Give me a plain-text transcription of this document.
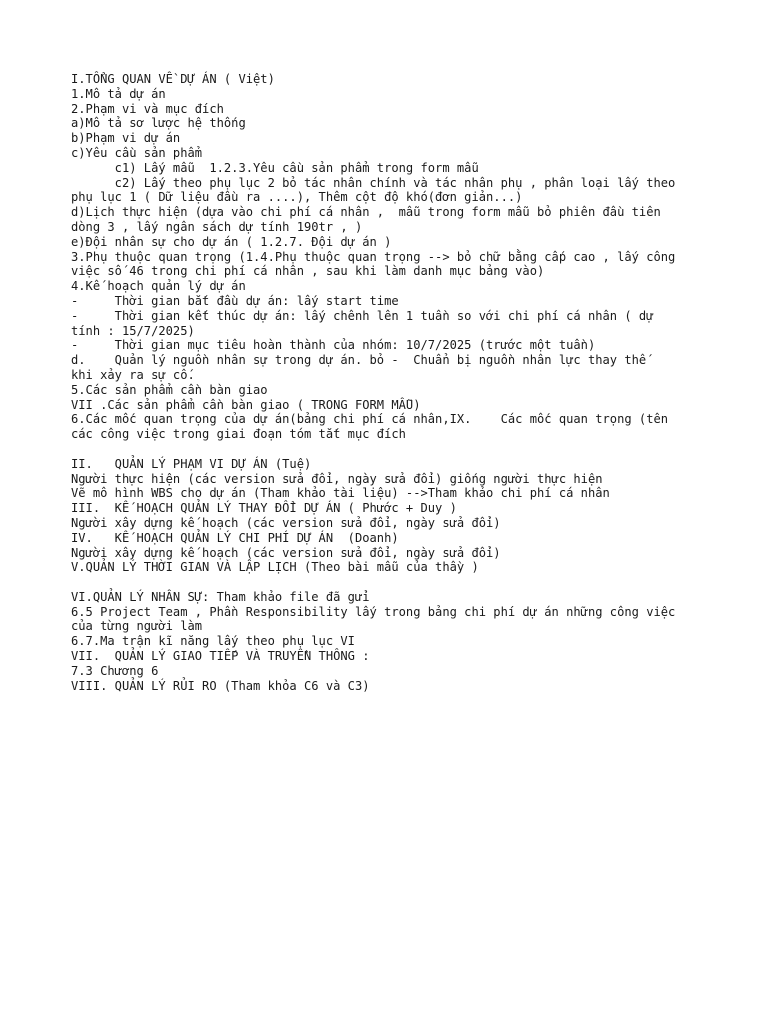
I.TỔNG QUAN VỀ DỰ ÁN ( Việt)
1.Mô tả dự án
2.Phạm vi và mục đích
a)Mô tả sơ lược hệ thống
b)Phạm vi dự án
c)Yêu cầu sản phẩm
c1) Lấy mẫu  1.2.3.Yêu cầu sản phẩm trong form mẫu
c2) Lấy theo phụ lục 2 bỏ tác nhân chính và tác nhân phụ , phân loại lấy theo
phụ lục 1 ( Dữ liệu đầu ra ....), Thêm cột độ khó(đơn giản...)
d)Lịch thực hiện (dựa vào chi phí cá nhân ,  mẫu trong form mẫu bỏ phiên đầu tiên
dòng 3 , lấy ngân sách dự tính 190tr , )
e)Đội nhân sự cho dự án ( 1.2.7. Đội dự án )
3.Phụ thuộc quan trọng (1.4.Phụ thuộc quan trọng --> bỏ chữ bằng cấp cao , lấy công
việc số 46 trong chi phí cá nhân , sau khi làm danh mục bảng vào)
4.Kế hoạch quản lý dự án
-     Thời gian bắt đầu dự án: lấy start time
-     Thời gian kết thúc dự án: lấy chênh lên 1 tuần so với chi phí cá nhân ( dự
tính : 15/7/2025)
-     Thời gian mục tiêu hoàn thành của nhóm: 10/7/2025 (trước một tuần)
d.    Quản lý nguồn nhân sự trong dự án. bỏ -  Chuẩn bị nguồn nhân lực thay thế
khi xảy ra sự cố.
5.Các sản phẩm cần bàn giao
VII .Các sản phẩm cần bàn giao ( TRONG FORM MẪU)
6.Các mốc quan trọng của dự án(bảng chi phí cá nhân,IX.    Các mốc quan trọng (tên
các công việc trong giai đoạn tóm tắt mục đích
II.   QUẢN LÝ PHẠM VI DỰ ÁN (Tuệ)
Người thực hiện (các version sửa đổi, ngày sửa đổi) giống người thực hiện
Vẽ mô hình WBS cho dự án (Tham khảo tài liệu) -->Tham khảo chi phí cá nhân
III.  KẾ HOẠCH QUẢN LÝ THAY ĐỔI DỰ ÁN ( Phước + Duy )
Người xây dựng kế hoạch (các version sửa đổi, ngày sửa đổi)
IV.   KẾ HOẠCH QUẢN LÝ CHI PHÍ DỰ ÁN  (Doanh)
Người xây dựng kế hoạch (các version sửa đổi, ngày sửa đổi)
V.QUẢN LÝ THỜI GIAN VÀ LẬP LỊCH (Theo bài mẫu của thầy )
VI.QUẢN LÝ NHÂN SỰ: Tham khảo file đã gửi
6.5 Project Team , Phần Responsibility lấy trong bảng chi phí dự án những công việc
của từng người làm
6.7.Ma trận kĩ năng lấy theo phụ lục VI
VII.  QUẢN LÝ GIAO TIẾP VÀ TRUYỀN THÔNG :
7.3 Chương 6
VIII. QUẢN LÝ RỦI RO (Tham khỏa C6 và C3)
